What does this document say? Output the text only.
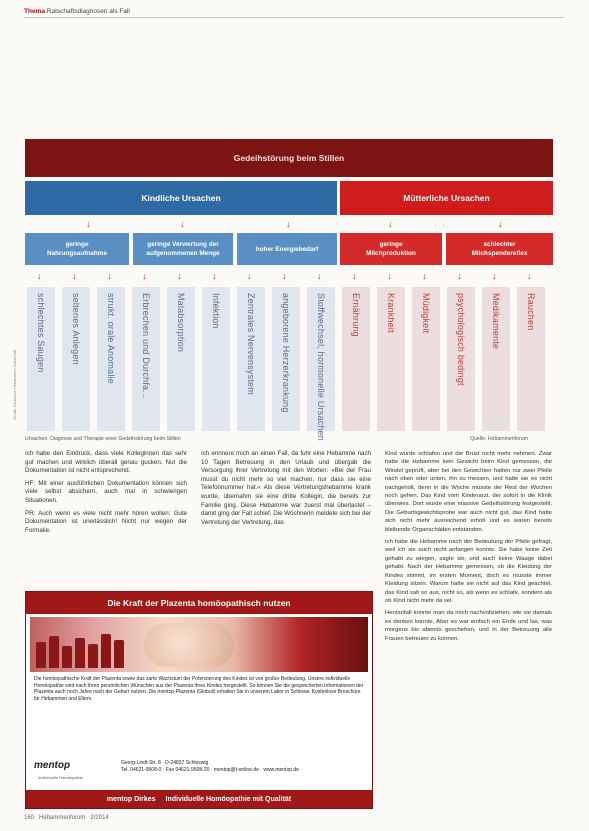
Thema Ratschaftsdiagnosen als Fall
Grafik: Deutsche Hebammen Zeitschrift
Gedeihstörung beim Stillen
Kindliche Ursachen	Mütterliche Ursachen
↓	↓	↓	↓	↓
geringe
Nahrungsaufnahme
geringe Verwertung der
aufgenommenen Menge
hoher Energiebedarf
geringe
Milchproduktion
schlechter
Milchspendereflex
↓	↓	↓	↓	↓	↓	↓	↓	↓	↓	↓	↓	↓	↓	↓
schlechtes Saugen	seltenes Anlegen	strukt. orale Anomalie	Erbrechen und Durchfa...	Malabsorption	Infektion	Zentrales Nervensystem	angeborene Herzerkrankung	Stoffwechsel, hormonelle Ursachen	Ernährung	Krankheit	Müdigkeit	psychologisch bedingt	Medikamente	Rauchen
Ursachen, Diagnose und Therapie einer Gedeihstörung beim Stillen	Quelle: Hebammenforum

Ich habe den Eindruck, dass viele Kolleginnen das sehr gut machen und wirklich überall genau gucken. Nur die Dokumentation ist nicht entsprechend.

HF: Mit einer ausführlichen Dokumentation können sich viele selbst absichern, auch mal in schwierigen Situationen.

PR: Auch wenn es viele nicht mehr hören wollen: Gute Dokumentation ist unerlässlich! Nicht nur wegen der Formalie.

Ich erinnere mich an einen Fall, da fuhr eine Hebamme nach 10 Tagen Betreuung in den Urlaub und übergab die Versorgung ihrer Vertretung mit den Worten: »Bei der Frau musst du nicht mehr so viel machen, nur dass sie eine Telefonnummer hat.« Als diese Vertretungshebamme krank wurde, übernahm sie eine dritte Kollegin, die bereits zur Familie ging. Diese Hebamme war zuerst mal überlastet – damit ging der Fall schief. Die Wöchnerin meldete sich bei der Vertretung der Vertretung, das

Kind würde schlafen und die Brust nicht mehr nehmen. Zwar hatte die Hebamme kein Gewicht beim Kind gemessen, die Windel geprüft, aber bei den Gewichten hatten nur zwei Pfeile nach oben oder unten, ihn zu messen, und hatte sie es nicht nachgeholt, denn in die Woche musste der Rest der Wochen noch gehen. Das Kind vom Kinderarzt, der sofort in die Klinik überwies. Dort wurde eine massive Gedeihstörung festgestellt. Die Geburtsgewichtsprobe war auch nicht gut, das Kind hatte sich nicht mehr ausreichend erholt und es waren bereits bleibende Organschäden entstanden.

Ich habe die Hebamme nach der Bedeutung der Pfeile gefragt, weil ich sie auch nicht anfangen konnte. Sie habe keine Zeit gehabt zu wiegen, sagte sie, und auch keine Waage dabei gehabt. Nach der Hebamme gemessen, ob die Kleidung der Kindes stimmt, im ersten Moment, doch es musste immer Kleidung sitzen. Warum hatte sie nicht auf das Kind geachtet, das Kind sah so aus, nicht so, als wenn es schlafe, sondern als ob Kind nicht mehr da sei.

Herzanfall konnte man da noch nachvollziehen, wie sie damals es denken konnte. Aber es war einfach ein Ende und las, was morgens bis abends geschehen, und in der Betreuung alle Frauen betreuen zu können.

Die Kraft der Plazenta homöopathisch nutzen
Die homöopathische Kraft der Plazenta sowie das zarte Wachstum der Potenzierung des Kindes ist von großer Bedeutung. Unsere individuelle Homöopathie wird nach Ihren persönlichen Wünschen aus der Plazenta Ihres Kindes hergestellt. So können Sie die gespeicherten Informationen der Plazenta auch noch Jahre nach der Geburt nutzen. Die mentop-Plazenta (Globuli) erhalten Sie in unserem Labor in Schlesw. Kostenlose Broschüre für Hebammen und Eltern.
mentop
Individuelle Homöopathie
Georg-Lindt-Str. 8 · D-24837 Schleswig
Tel. 04621-9508-0 · Fax 04621-9508-20 · mentop@t-online.de · www.mentop.de
mentop Dirkes Individuelle Homöopathie mit Qualität
160 Hebammenforum 2/2014
